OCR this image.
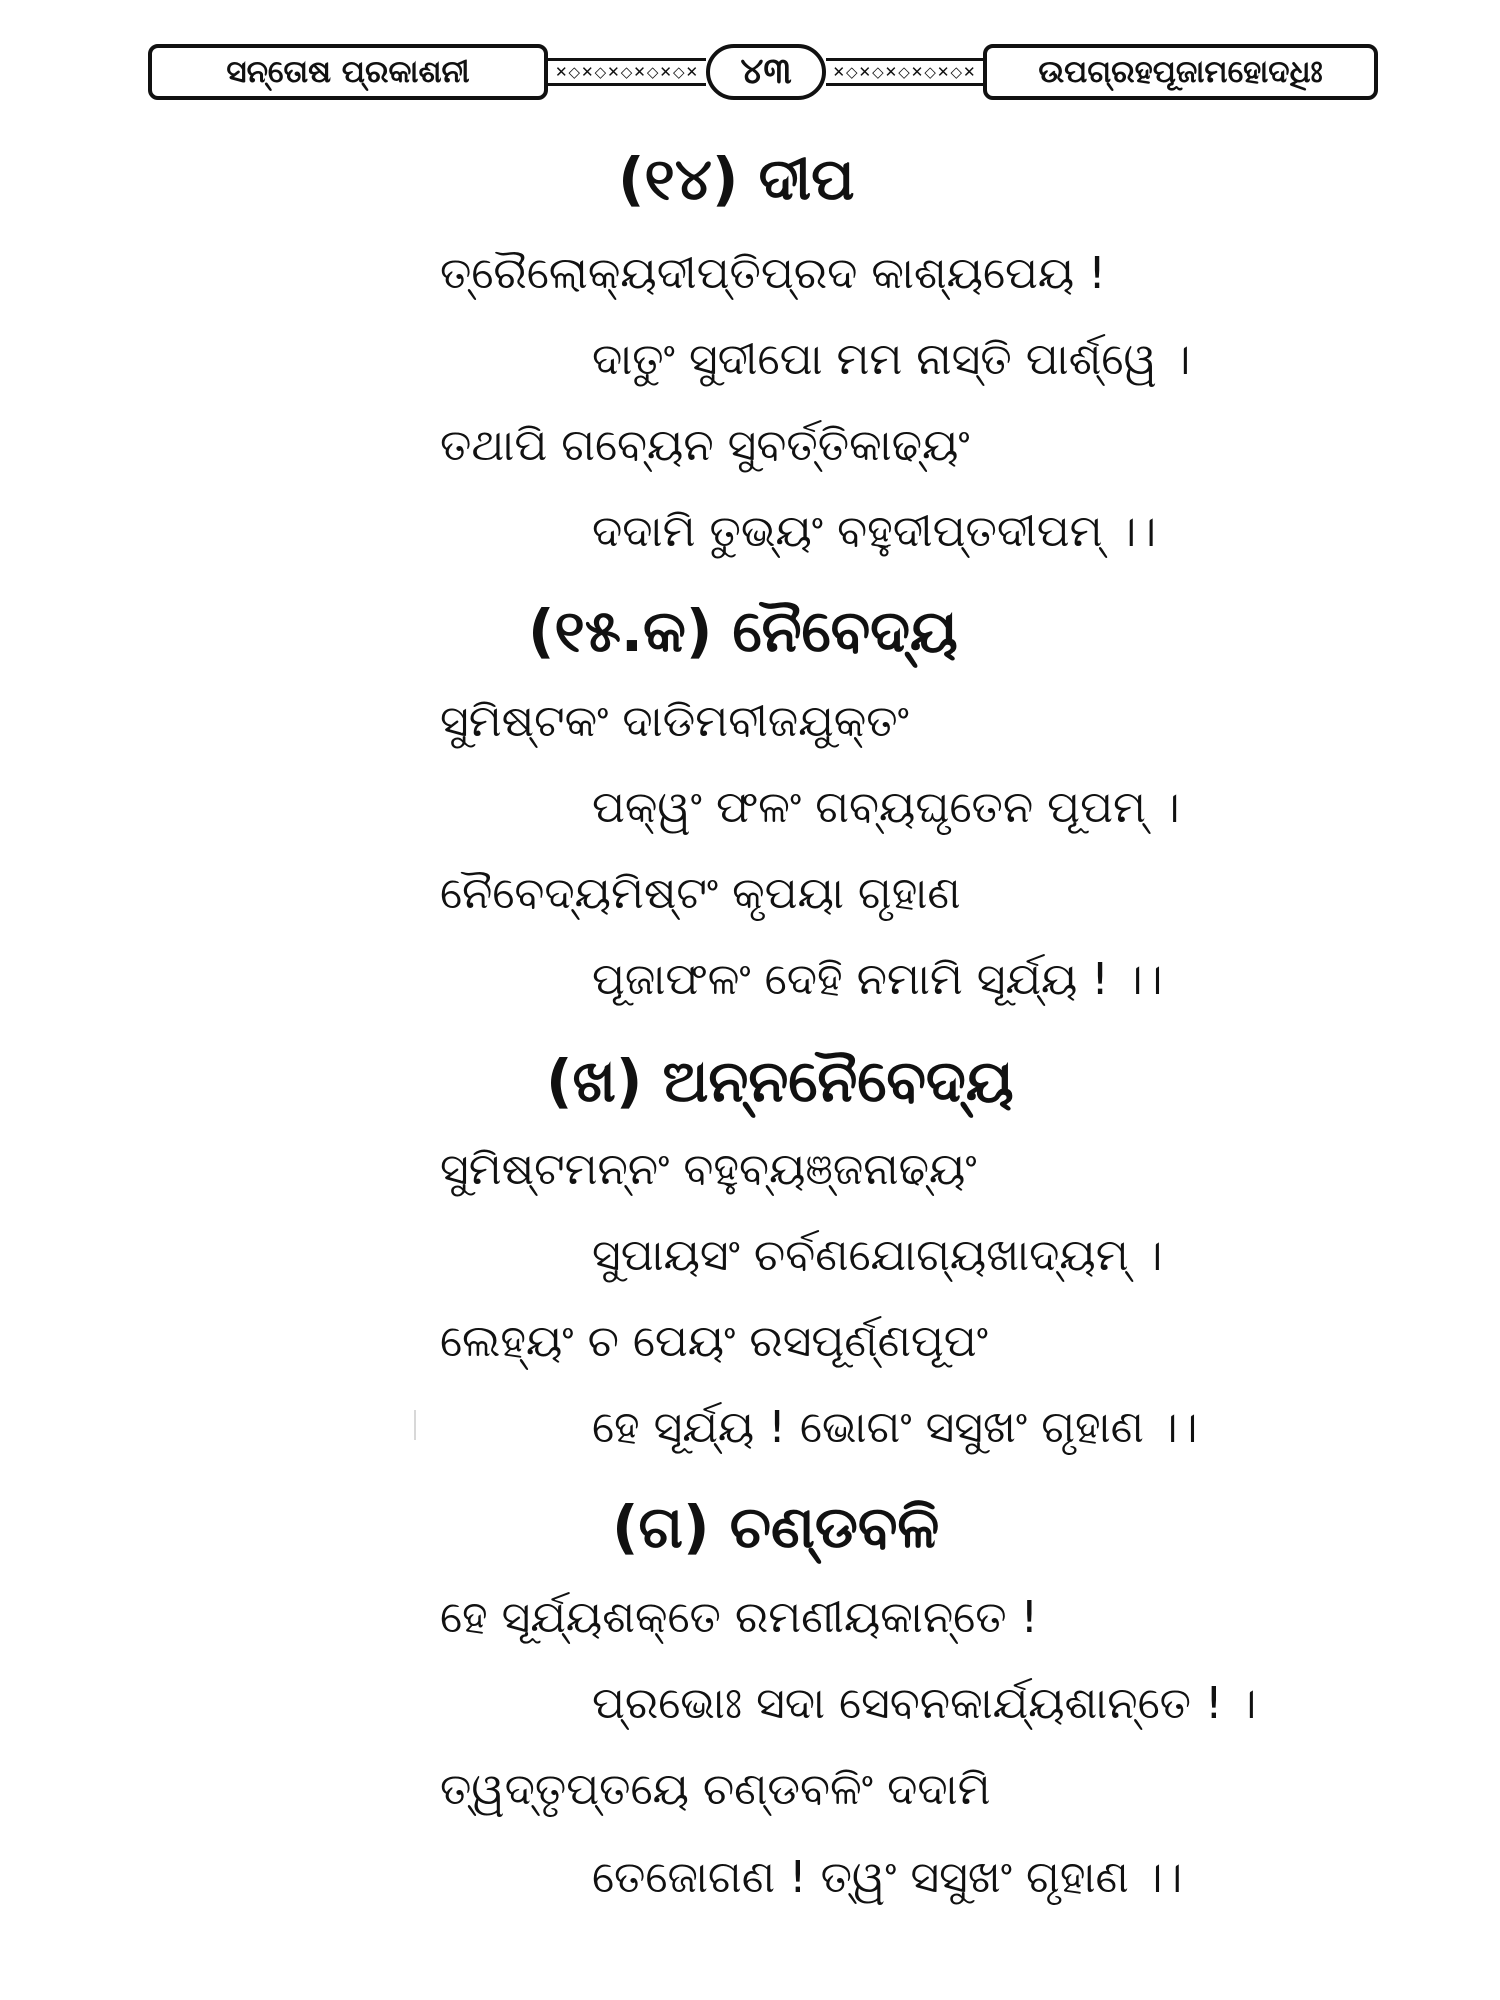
ସନ୍ତୋଷ ପ୍ରକାଶନୀ	✕◇✕◇✕◇✕◇✕◇✕	୪୩	✕◇✕◇✕◇✕◇✕◇✕	ଉପଗ୍ରହପୂଜାମହୋଦଧିଃ
(୧୪) ଦୀପ
ତ୍ରୈଲୋକ୍ୟଦୀପ୍ତିପ୍ରଦ କାଶ୍ୟପେୟ !
ଦାତୁଂ ସୁଦୀପୋ ମମ ନାସ୍ତି ପାର୍ଶ୍ୱେ ।
ତଥାପି ଗବ୍ୟେନ ସୁବର୍ତ୍ତିକାଢ୍ୟଂ
ଦଦାମି ତୁଭ୍ୟଂ ବହୁଦୀପ୍ତଦୀପମ୍ ।।
(୧୫.କ) ନୈବେଦ୍ୟ
ସୁମିଷ୍ଟକଂ ଦାଡିମବୀଜଯୁକ୍ତଂ
ପକ୍ୱଂ ଫଳଂ ଗବ୍ୟଘୃତେନ ପୂପମ୍ ।
ନୈବେଦ୍ୟମିଷ୍ଟଂ କୃପୟା ଗୃହାଣ
ପୂଜାଫଳଂ ଦେହି ନମାମି ସୂର୍ଯ୍ୟ ! ।।
(ଖ) ଅନ୍ନନୈବେଦ୍ୟ
ସୁମିଷ୍ଟମନ୍ନଂ ବହୁବ୍ୟଞ୍ଜନାଢ୍ୟଂ
ସୁପାୟସଂ ଚର୍ବଣଯୋଗ୍ୟଖାଦ୍ୟମ୍ ।
ଲେହ୍ୟଂ ଚ ପେୟଂ ରସପୂର୍ଣ୍ଣପୂପଂ
ହେ ସୂର୍ଯ୍ୟ ! ଭୋଗଂ ସସୁଖଂ ଗୃହାଣ ।।
(ଗ) ଚଣ୍ଡବଳି
ହେ ସୂର୍ଯ୍ୟଶକ୍ତେ ରମଣୀୟକାନ୍ତେ !
ପ୍ରଭୋଃ ସଦା ସେବନକାର୍ଯ୍ୟଶାନ୍ତେ ! ।
ତ୍ୱଦ୍ତୃପ୍ତୟେ ଚଣ୍ଡବଳିଂ ଦଦାମି
ତେଜୋଗଣ ! ତ୍ୱଂ ସସୁଖଂ ଗୃହାଣ ।।
